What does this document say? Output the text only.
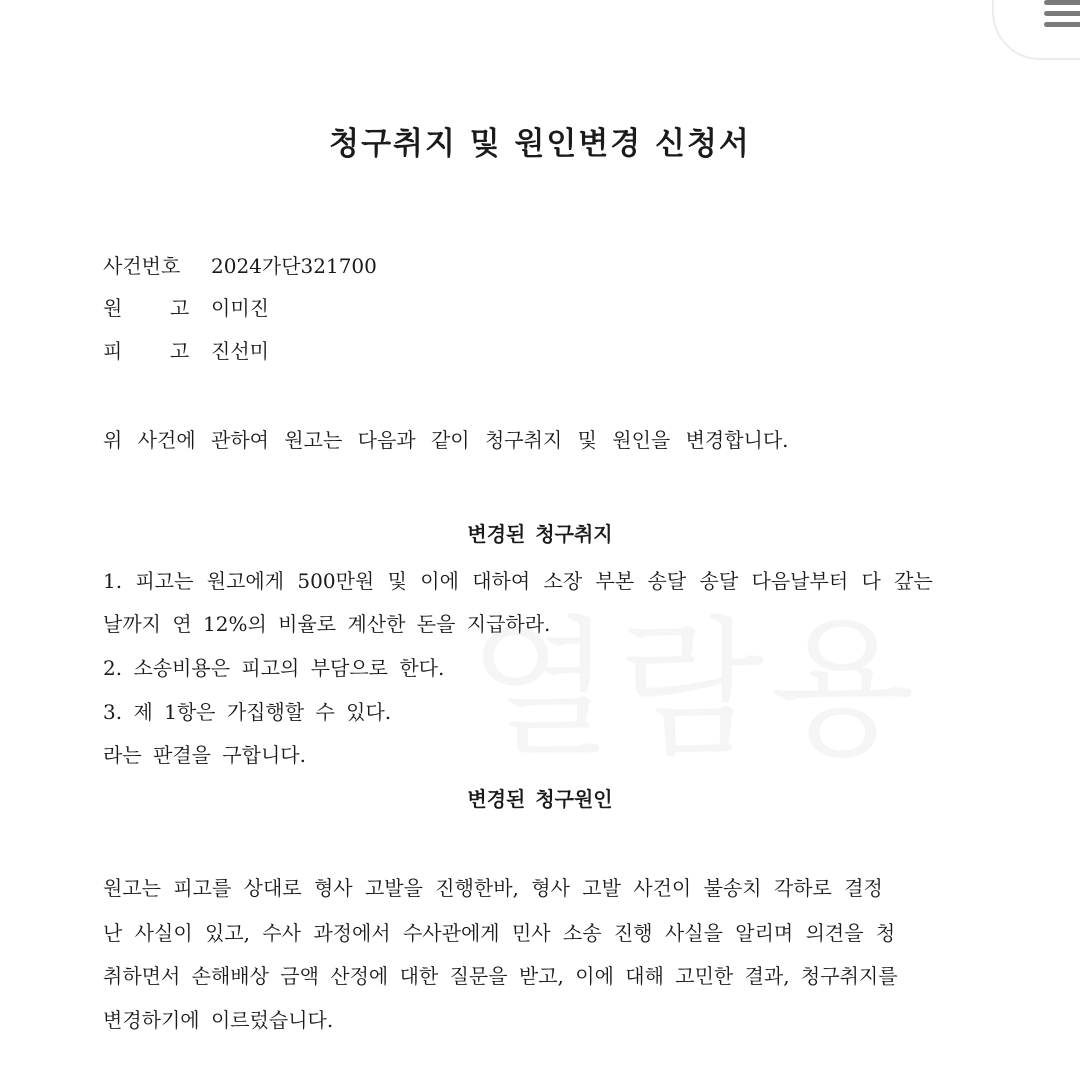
청구취지 및 원인변경 신청서
사건번호 2024가단321700
원 고 이미진
피 고 진선미
위 사건에 관하여 원고는 다음과 같이 청구취지 및 원인을 변경합니다.
변경된 청구취지
1. 피고는 원고에게 500만원 및 이에 대하여 소장 부본 송달 송달 다음날부터 다 갚는
날까지 연 12%의 비율로 계산한 돈을 지급하라.
2. 소송비용은 피고의 부담으로 한다.
3. 제 1항은 가집행할 수 있다.
라는 판결을 구합니다.
변경된 청구원인
원고는 피고를 상대로 형사 고발을 진행한바, 형사 고발 사건이 불송치 각하로 결정
난 사실이 있고, 수사 과정에서 수사관에게 민사 소송 진행 사실을 알리며 의견을 청
취하면서 손해배상 금액 산정에 대한 질문을 받고, 이에 대해 고민한 결과, 청구취지를
변경하기에 이르렀습니다.
